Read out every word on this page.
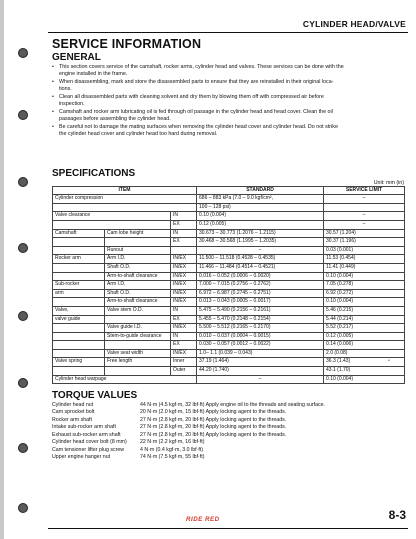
CYLINDER HEAD/VALVE
SERVICE INFORMATION
GENERAL
• This section covers service of the camshaft, rocker arms, cylinder head and valves. These services can be done with the
engine installed in the frame.
• When disassembling, mark and store the disassembled parts to ensure that they are reinstalled in their original loca-
tions.
• Clean all disassembled parts with cleaning solvent and dry them by blowing them off with compressed air before
inspection.
• Camshaft and rocker arm lubricating oil is fed through oil passage in the cylinder head and head cover. Clean the oil
passages before assembling the cylinder head.
• Be careful not to damage the mating surfaces when removing the cylinder head cover and cylinder head. Do not strike
the cylinder head cover and cylinder head too hard during removal.
SPECIFICATIONS
Unit: mm (in)
ITEM			STANDARD	SERVICE LIMIT
Cylinder compression			686 – 883 kPa (7.0 – 9.0 kgf/cm²,	–
			100 – 128 psi)	
Valve clearance		IN	0.10 (0.004)	–
		EX	0.12 (0.005)	–
Camshaft	Cam lobe height	IN	30.673 – 30.773 (1.2076 – 1.2115)	30.57 (1.204)
		EX	30.468 – 30.568 (1.1995 – 1.2035)	30.37 (1.196)
	Runout		–	0.03 (0.001)
Rocker arm	Arm I.D.	IN/EX	11.500 – 11.518 (0.4528 – 0.4535)	11.53 (0.454)
	Shaft O.D.	IN/EX	11.466 – 11.484 (0.4514 – 0.4521)	11.41 (0.449)
	Arm-to-shaft clearance	IN/EX	0.016 – 0.052 (0.0006 – 0.0020)	0.10 (0.004)
Sub-rocker	Arm I.D.	IN/EX	7.000 – 7.015 (0.2756 – 0.2762)	7.05 (0.278)
arm	Shaft O.D.	IN/EX	6.972 – 6.987 (0.2745 – 0.2751)	6.92 (0.272)
	Arm-to-shaft clearance	IN/EX	0.013 – 0.043 (0.0005 – 0.0017)	0.10 (0.004)
Valve,	Valve stem O.D.	IN	5.475 – 5.490 (0.2156 – 0.2161)	5.46 (0.215)
valve guide		EX	5.455 – 5.470 (0.2148 – 0.2154)	5.44 (0.214)
	Valve guide I.D.	IN/EX	5.500 – 5.512 (0.2165 – 0.2170)	5.52 (0.217)
	Stem-to-guide clearance	IN	0.010 – 0.037 (0.0004 – 0.0015)	0.12 (0.005)
		EX	0.030 – 0.057 (0.0012 – 0.0022)	0.14 (0.006)
	Valve seat width	IN/EX	1.0– 1.1 (0.039 – 0.043)	2.0 (0.08)
Valve spring	Free length	Inner	37.19 (1.464)	36.3 (1.43)
		Outer	44.20 (1.740)	43.1 (1.70)
Cylinder head warpage			–	0.10 (0.004)
TORQUE VALUES
Cylinder head nut	44 N·m (4.5 kgf·m, 32 lbf·ft) Apply engine oil to the threads and seating surface.
Cam sprocket bolt	20 N·m (2.0 kgf·m, 15 lbf·ft) Apply locking agent to the threads.
Rocker arm shaft	27 N·m (2.8 kgf·m, 20 lbf·ft) Apply locking agent to the threads.
Intake sub-rocker arm shaft	27 N·m (2.8 kgf·m, 20 lbf·ft) Apply locking agent to the threads.
Exhaust sub-rocker arm shaft	27 N·m (2.8 kgf·m, 20 lbf·ft) Apply locking agent to the threads.
Cylinder head cover bolt (8 mm)	22 N·m (2.2 kgf·m, 16 lbf·ft)
Cam tensioner lifter plug screw	4 N·m (0.4 kgf·m, 3.0 lbf·ft)
Upper engine hanger nut	74 N·m (7.5 kgf·m, 55 lbf·ft)
•
8-3
RIDE RED
